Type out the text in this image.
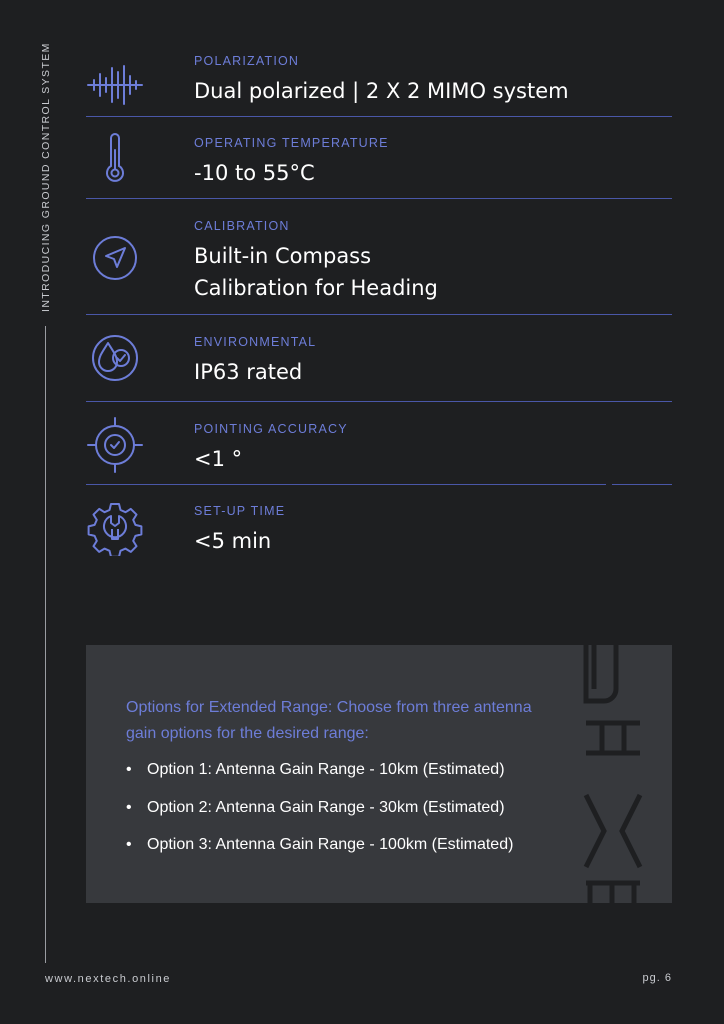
INTRODUCING GROUND CONTROL SYSTEM	POLARIZATION
Dual polarized | 2 X 2 MIMO system
OPERATING TEMPERATURE
-10 to 55°C
CALIBRATION
Built-in Compass
Calibration for Heading
ENVIRONMENTAL
IP63 rated
POINTING ACCURACY
<1 °
SET-UP TIME
<5 min
Options for Extended Range: Choose from three antenna gain options for the desired range:
• Option 1: Antenna Gain Range - 10km (Estimated)
• Option 2: Antenna Gain Range - 30km (Estimated)
• Option 3: Antenna Gain Range - 100km (Estimated)
www.nextech.online	pg. 6
